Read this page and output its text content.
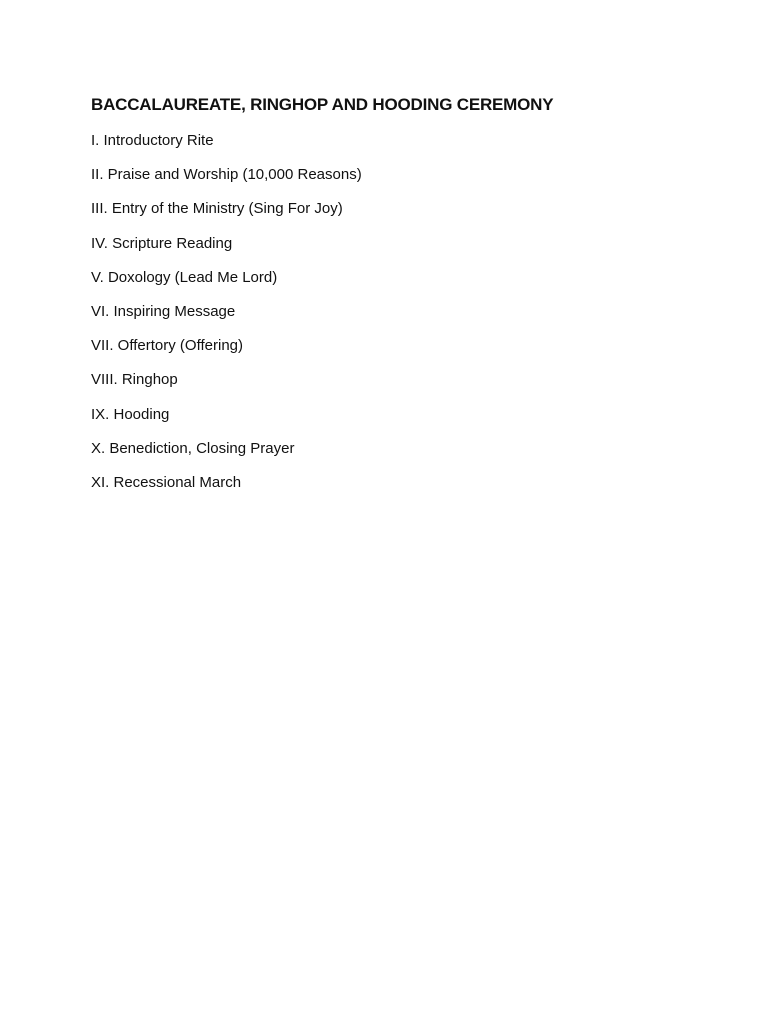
BACCALAUREATE, RINGHOP AND HOODING CEREMONY
I. Introductory Rite
II. Praise and Worship (10,000 Reasons)
III. Entry of the Ministry (Sing For Joy)
IV. Scripture Reading
V. Doxology (Lead Me Lord)
VI. Inspiring Message
VII. Offertory (Offering)
VIII. Ringhop
IX. Hooding
X. Benediction, Closing Prayer
XI. Recessional March
